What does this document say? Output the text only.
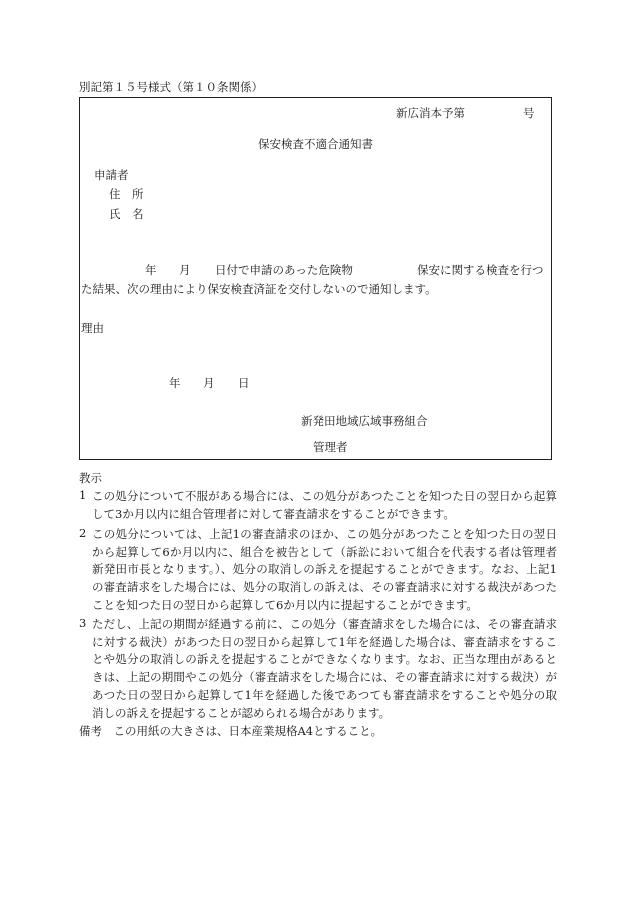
別記第１５号様式（第１０条関係）
新広消本予第	号
保安検査不適合通知書
申請者
住　所
氏　名
年 月 日付で申請のあった危険物	保安に関する検査を行つ
た結果、次の理由により保安検査済証を交付しないので通知します。
理由
年 月 日
新発田地域広域事務組合
管理者
教示
1 この処分について不服がある場合には、この処分があつたことを知つた日の翌日から起算して3か月以内に組合管理者に対して審査請求をすることができます。
2 この処分については、上記1の審査請求のほか、この処分があつたことを知つた日の翌日から起算して6か月以内に、組合を被告として（訴訟において組合を代表する者は管理者新発田市長となります。）、処分の取消しの訴えを提起することができます。なお、上記1の審査請求をした場合には、処分の取消しの訴えは、その審査請求に対する裁決があつたことを知つた日の翌日から起算して6か月以内に提起することができます。
3 ただし、上記の期間が経過する前に、この処分（審査請求をした場合には、その審査請求に対する裁決）があつた日の翌日から起算して1年を経過した場合は、審査請求をすることや処分の取消しの訴えを提起することができなくなります。なお、正当な理由があるときは、上記の期間やこの処分（審査請求をした場合には、その審査請求に対する裁決）があつた日の翌日から起算して1年を経過した後であつても審査請求をすることや処分の取消しの訴えを提起することが認められる場合があります。
備考　この用紙の大きさは、日本産業規格A4とすること。
